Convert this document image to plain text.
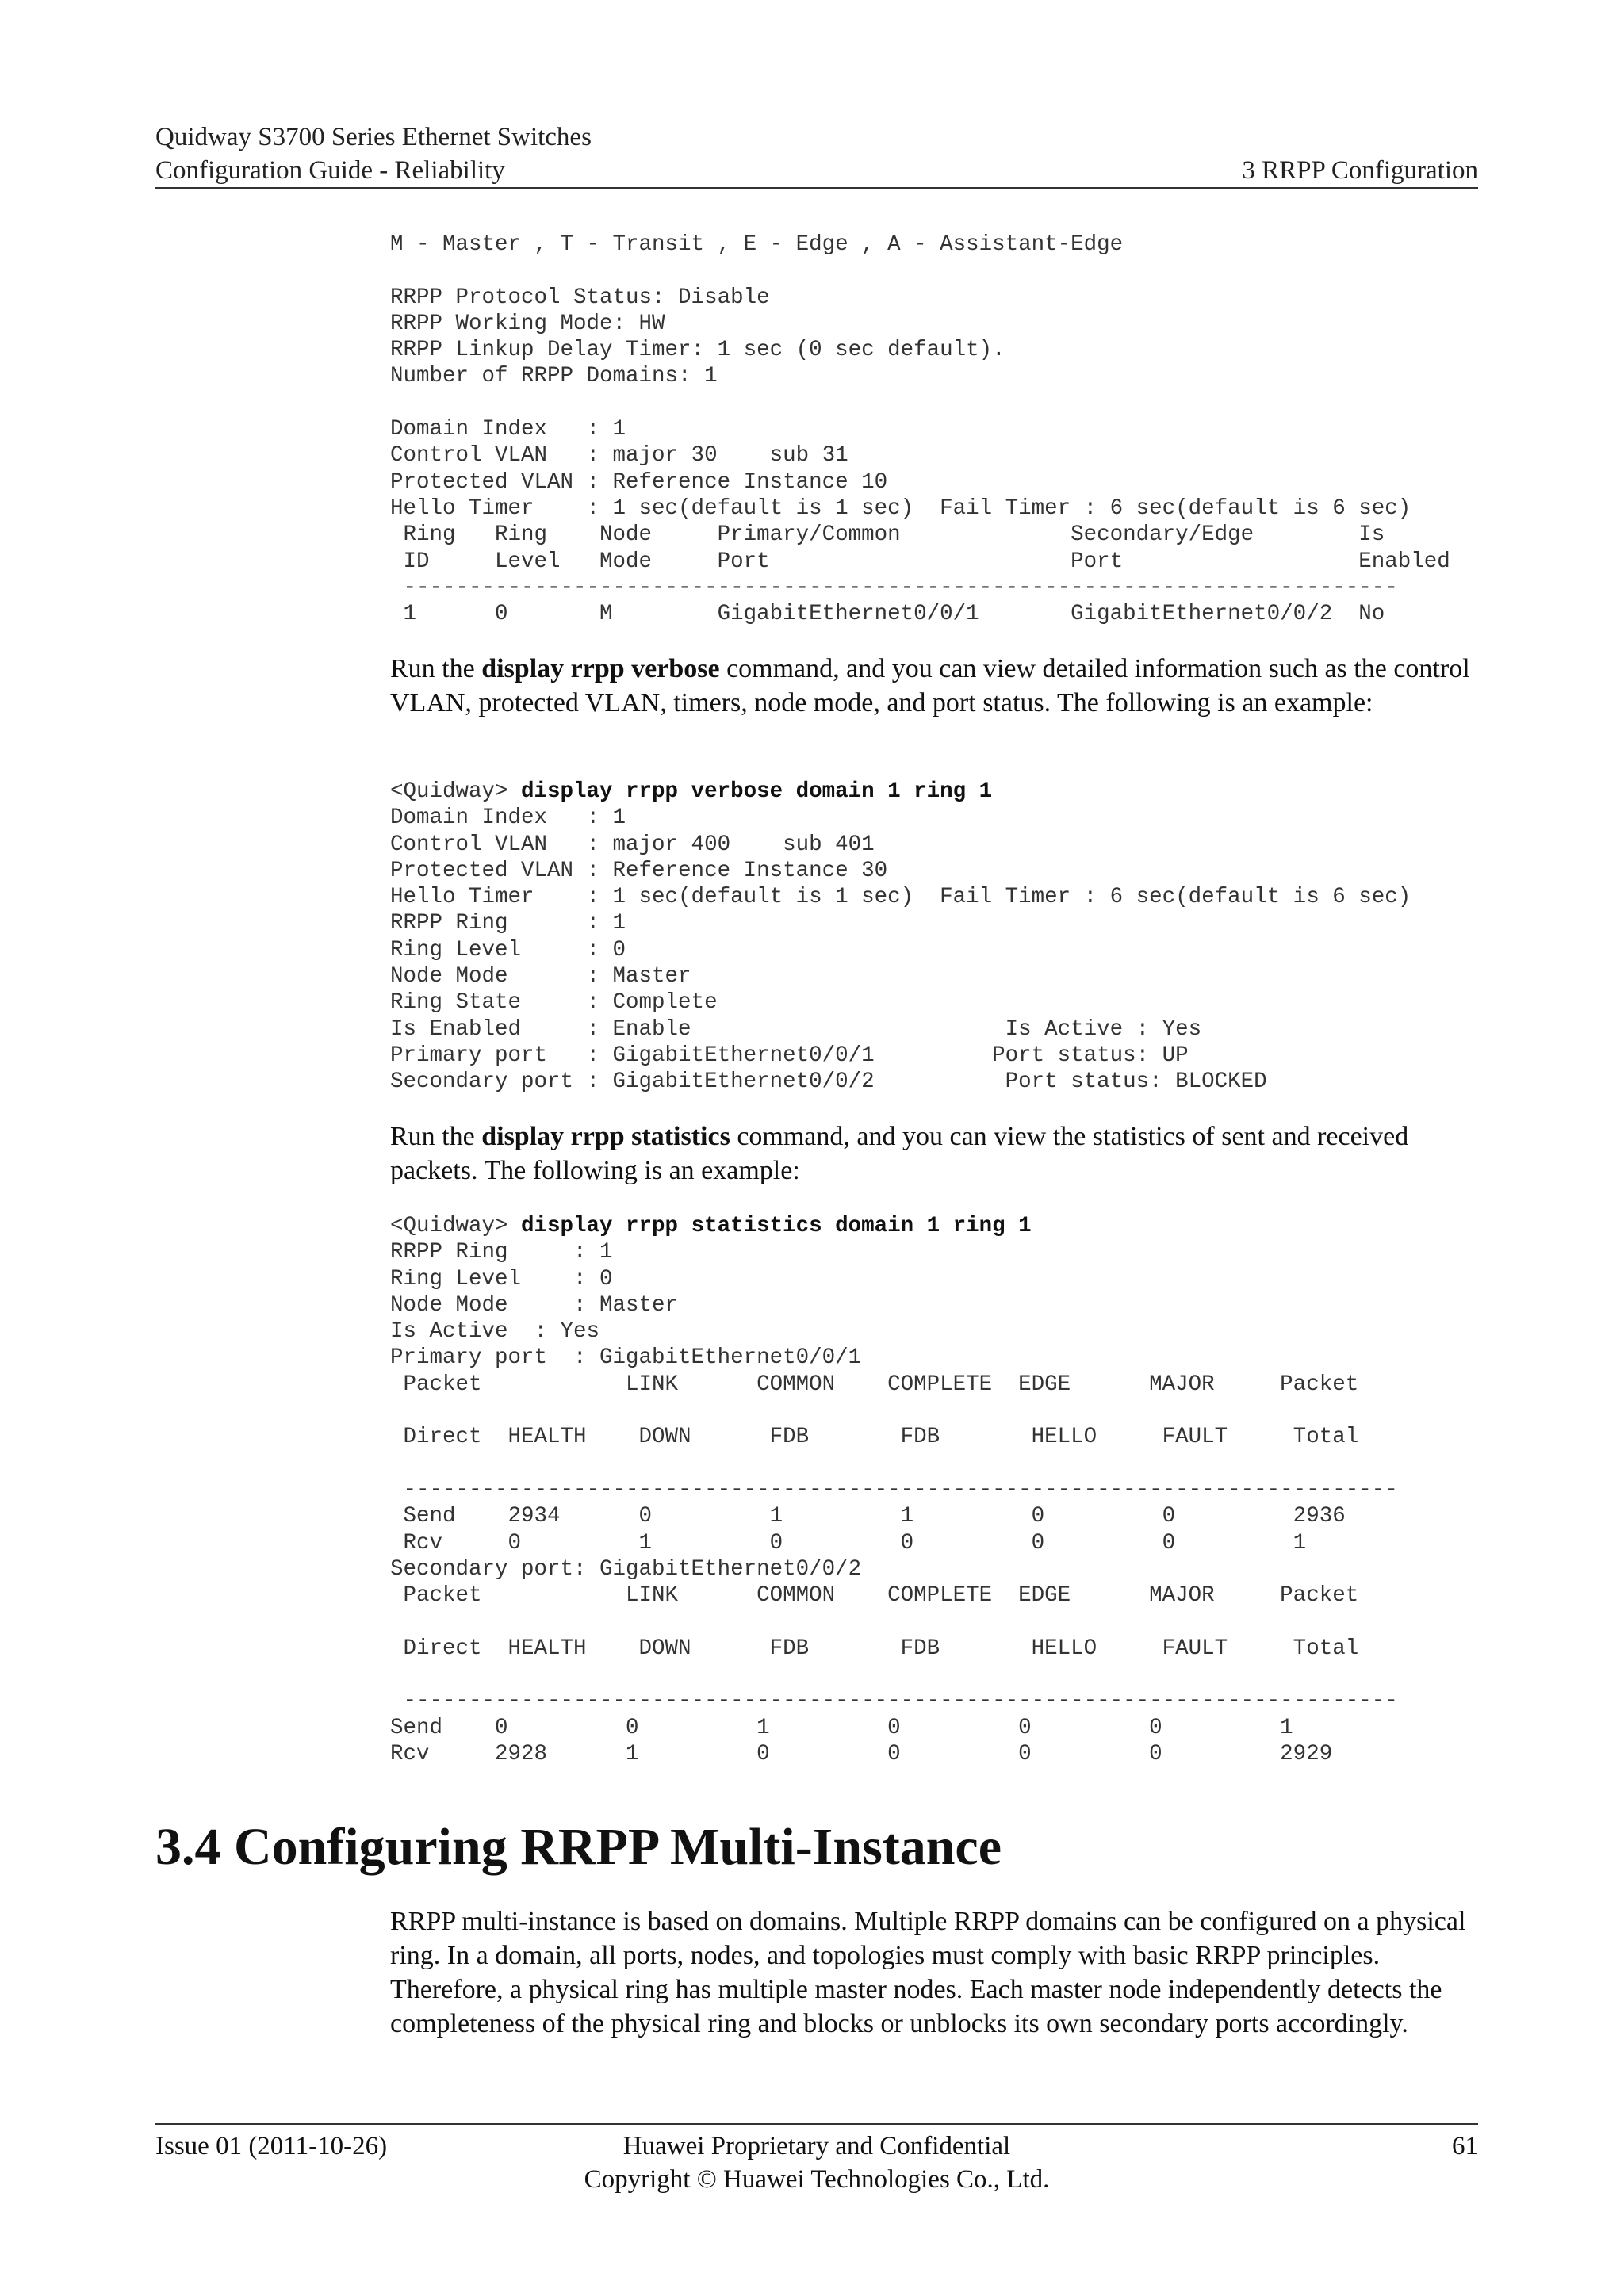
Quidway S3700 Series Ethernet Switches
Configuration Guide - Reliability	3 RRPP Configuration
M - Master , T - Transit , E - Edge , A - Assistant-Edge

RRPP Protocol Status: Disable
RRPP Working Mode: HW
RRPP Linkup Delay Timer: 1 sec (0 sec default).
Number of RRPP Domains: 1

Domain Index   : 1
Control VLAN   : major 30    sub 31
Protected VLAN : Reference Instance 10
Hello Timer    : 1 sec(default is 1 sec)  Fail Timer : 6 sec(default is 6 sec)
Ring   Ring    Node     Primary/Common             Secondary/Edge        Is
ID     Level   Mode     Port                       Port                  Enabled
----------------------------------------------------------------------------
1      0       M        GigabitEthernet0/0/1       GigabitEthernet0/0/2  No

Run the display rrpp verbose command, and you can view detailed information such as the control VLAN, protected VLAN, timers, node mode, and port status. The following is an example:

<Quidway> display rrpp verbose domain 1 ring 1
Domain Index   : 1
Control VLAN   : major 400    sub 401
Protected VLAN : Reference Instance 30
Hello Timer    : 1 sec(default is 1 sec)  Fail Timer : 6 sec(default is 6 sec)
RRPP Ring      : 1
Ring Level     : 0
Node Mode      : Master
Ring State     : Complete
Is Enabled     : Enable                        Is Active : Yes
Primary port   : GigabitEthernet0/0/1         Port status: UP
Secondary port : GigabitEthernet0/0/2          Port status: BLOCKED

Run the display rrpp statistics command, and you can view the statistics of sent and received packets. The following is an example:

<Quidway> display rrpp statistics domain 1 ring 1
RRPP Ring     : 1
Ring Level    : 0
Node Mode     : Master
Is Active  : Yes
Primary port  : GigabitEthernet0/0/1
Packet           LINK      COMMON    COMPLETE  EDGE      MAJOR     Packet

Direct  HEALTH    DOWN      FDB       FDB       HELLO     FAULT     Total

----------------------------------------------------------------------------
Send    2934      0         1         1         0         0         2936
Rcv     0         1         0         0         0         0         1
Secondary port: GigabitEthernet0/0/2
Packet           LINK      COMMON    COMPLETE  EDGE      MAJOR     Packet

Direct  HEALTH    DOWN      FDB       FDB       HELLO     FAULT     Total

----------------------------------------------------------------------------
Send    0         0         1         0         0         0         1
Rcv     2928      1         0         0         0         0         2929
3.4 Configuring RRPP Multi-Instance

RRPP multi-instance is based on domains. Multiple RRPP domains can be configured on a physical ring. In a domain, all ports, nodes, and topologies must comply with basic RRPP principles. Therefore, a physical ring has multiple master nodes. Each master node independently detects the completeness of the physical ring and blocks or unblocks its own secondary ports accordingly.

Issue 01 (2011-10-26)	Huawei Proprietary and Confidential
Copyright © Huawei Technologies Co., Ltd.
61
